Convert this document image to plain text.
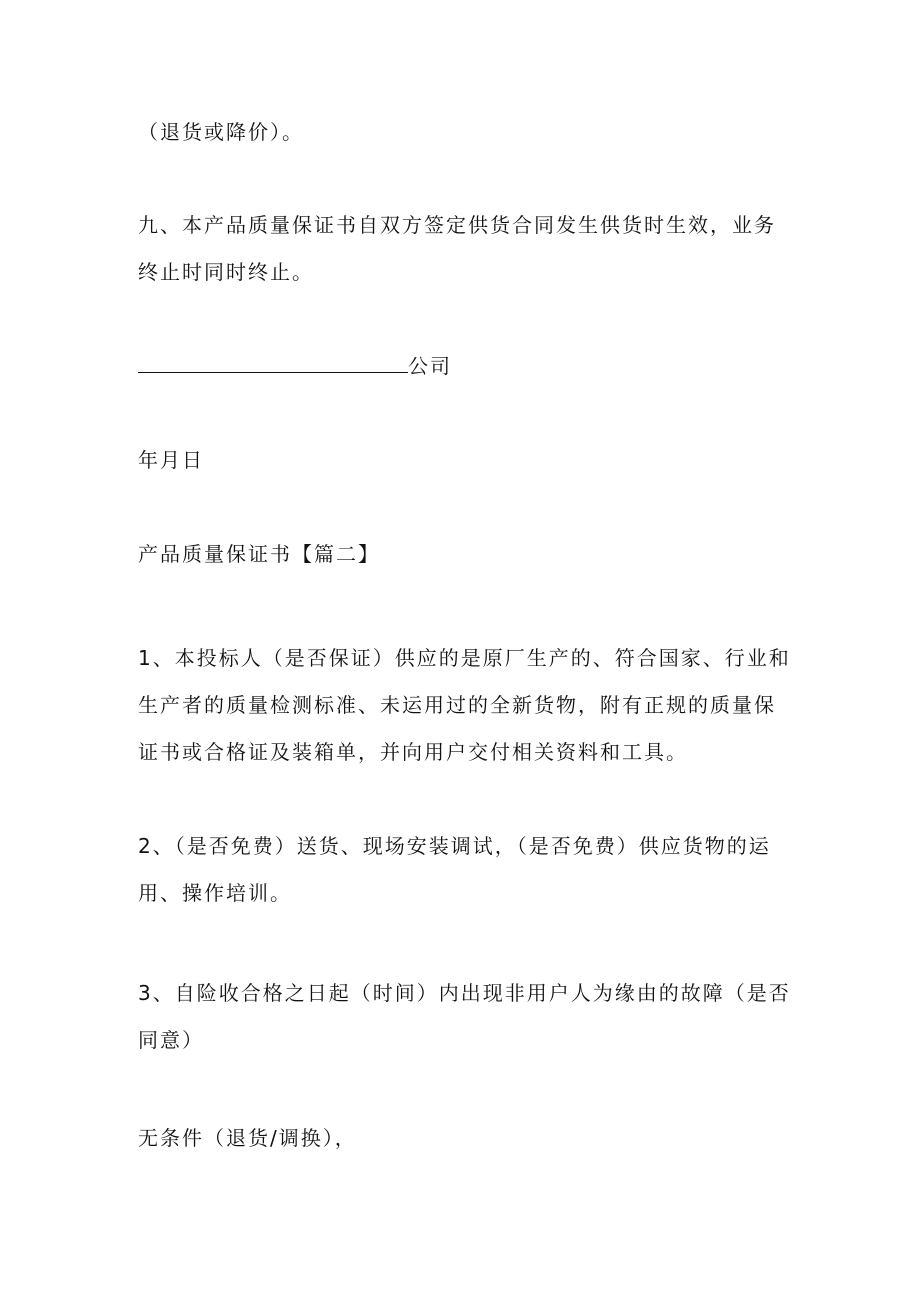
（退货或降价）。
九、本产品质量保证书自双方签定供货合同发生供货时生效，业务
终止时同时终止。
公司
年月日
产品质量保证书【篇二】
1、本投标人（是否保证）供应的是原厂生产的、符合国家、行业和
生产者的质量检测标准、未运用过的全新货物，附有正规的质量保
证书或合格证及装箱单，并向用户交付相关资料和工具。
2、（是否免费）送货、现场安装调试，（是否免费）供应货物的运
用、操作培训。
3、自险收合格之日起（时间）内出现非用户人为缘由的故障（是否
同意）
无条件（退货/调换），
